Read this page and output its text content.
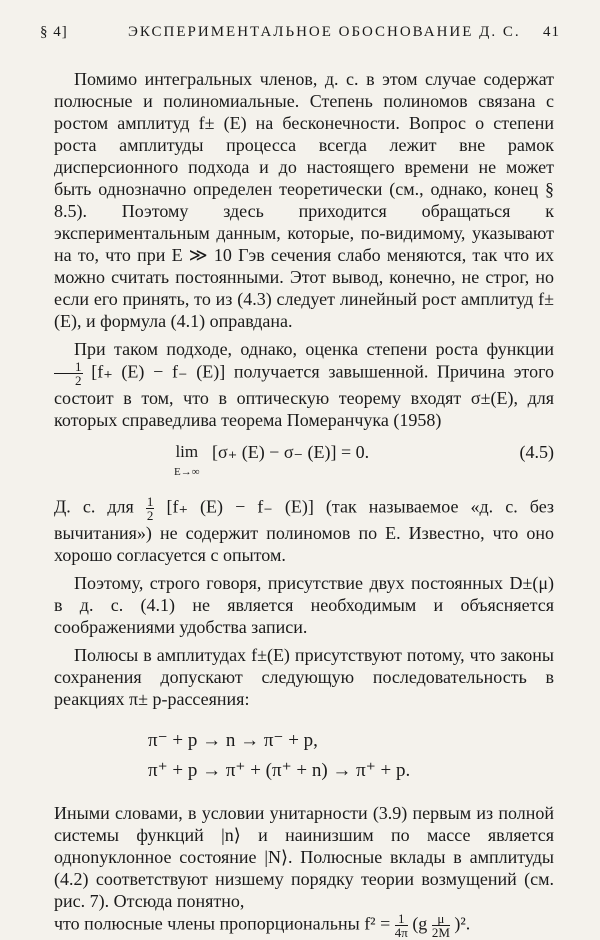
§ 4]	ЭКСПЕРИМЕНТАЛЬНОЕ ОБОСНОВАНИЕ Д. С. 41

Помимо интегральных членов, д. с. в этом случае содержат полюсные и полиномиальные. Степень полиномов связана с ростом амплитуд f± (E) на бесконечности. Вопрос о степени роста амплитуды процесса всегда лежит вне рамок дисперсионного подхода и до настоящего времени не может быть однозначно определен теоретически (см., однако, конец § 8.5). Поэтому здесь приходится обращаться к экспериментальным данным, которые, по-видимому, указывают на то, что при E ≫ 10 Гэв сечения слабо меняются, так что их можно считать постоянными. Этот вывод, конечно, не строг, но если его принять, то из (4.3) следует линейный рост амплитуд f± (E), и формула (4.1) оправдана.

При таком подходе, однако, оценка степени роста функции
$\frac{1}{2} [f_+$ (E) − f₋ (E)] получается завышенной. Причина этого состоит в том, что в оптическую теорему входят σ±(E), для которых справедлива теорема Померанчука (1958)

lim
E→∞
[σ₊ (E) − σ₋ (E)] = 0.	(4.5)

Д. с. для $\frac{1}{2} [f_+$ (E) − f₋ (E)] (так называемое «д. с. без вычитания») не содержит полиномов по E. Известно, что оно хорошо согласуется с опытом.

Поэтому, строго говоря, присутствие двух постоянных D±(μ) в д. с. (4.1) не является необходимым и объясняется соображениями удобства записи.

Полюсы в амплитудах f±(E) присутствуют потому, что законы сохранения допускают следующую последовательность в реакциях π± p-рассеяния:

π⁻ + p → n → π⁻ + p,
π⁺ + p → π⁺ + (π⁺ + n) → π⁺ + p.

Иными словами, в условии унитарности (3.9) первым из полной системы функций |n⟩ и наинизшим по массе является одноnуклонное состояние |N⟩. Полюсные вклады в амплитуды (4.2) соответствуют низшему порядку теории возмущений (см. рис. 7). Отсюда понятно,

что полюсные члены пропорциональны $f^2 = \frac{1}{4\pi} (g \frac{\mu}{2M} )^2$.
